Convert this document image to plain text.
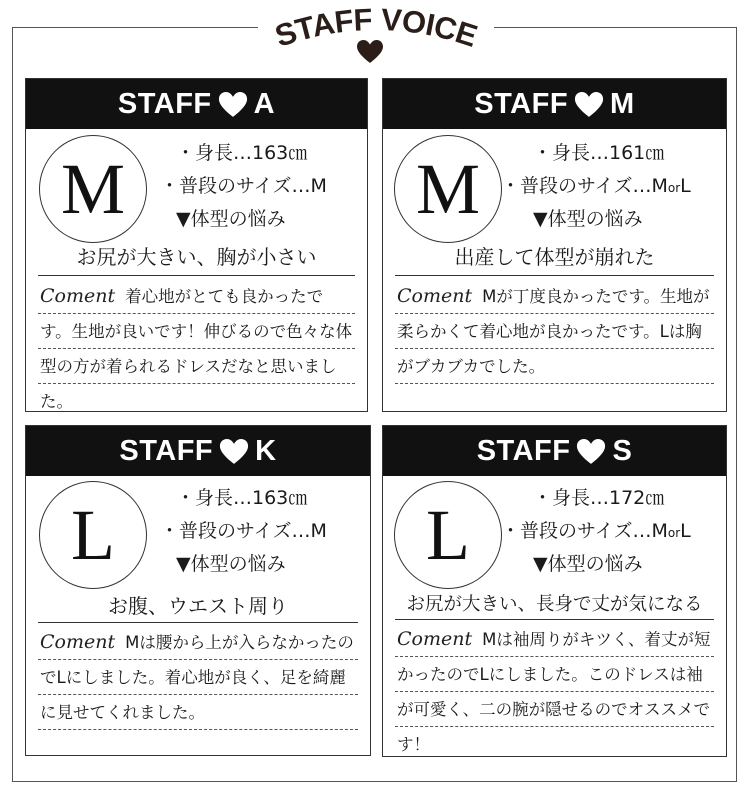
STAFF VOICE
STAFF A
M	・身長…163㎝
・普段のサイズ…M
▼体型の悩み
お尻が大きい、胸が小さい
Coment 着心地がとても良かったです。生地が良いです！伸びるので色々な体型の方が着られるドレスだなと思いました。
STAFF M
M	・身長…161㎝
・普段のサイズ…MorL
▼体型の悩み
出産して体型が崩れた
Coment Mが丁度良かったです。生地が柔らかくて着心地が良かったです。Lは胸がブカブカでした。
STAFF K
L	・身長…163㎝
・普段のサイズ…M
▼体型の悩み
お腹、ウエスト周り
Coment Mは腰から上が入らなかったのでLにしました。着心地が良く、足を綺麗に見せてくれました。
STAFF S
L	・身長…172㎝
・普段のサイズ…MorL
▼体型の悩み
お尻が大きい、長身で丈が気になる
Coment Mは袖周りがキツく、着丈が短かったのでLにしました。このドレスは袖が可愛く、二の腕が隠せるのでオススメです！
